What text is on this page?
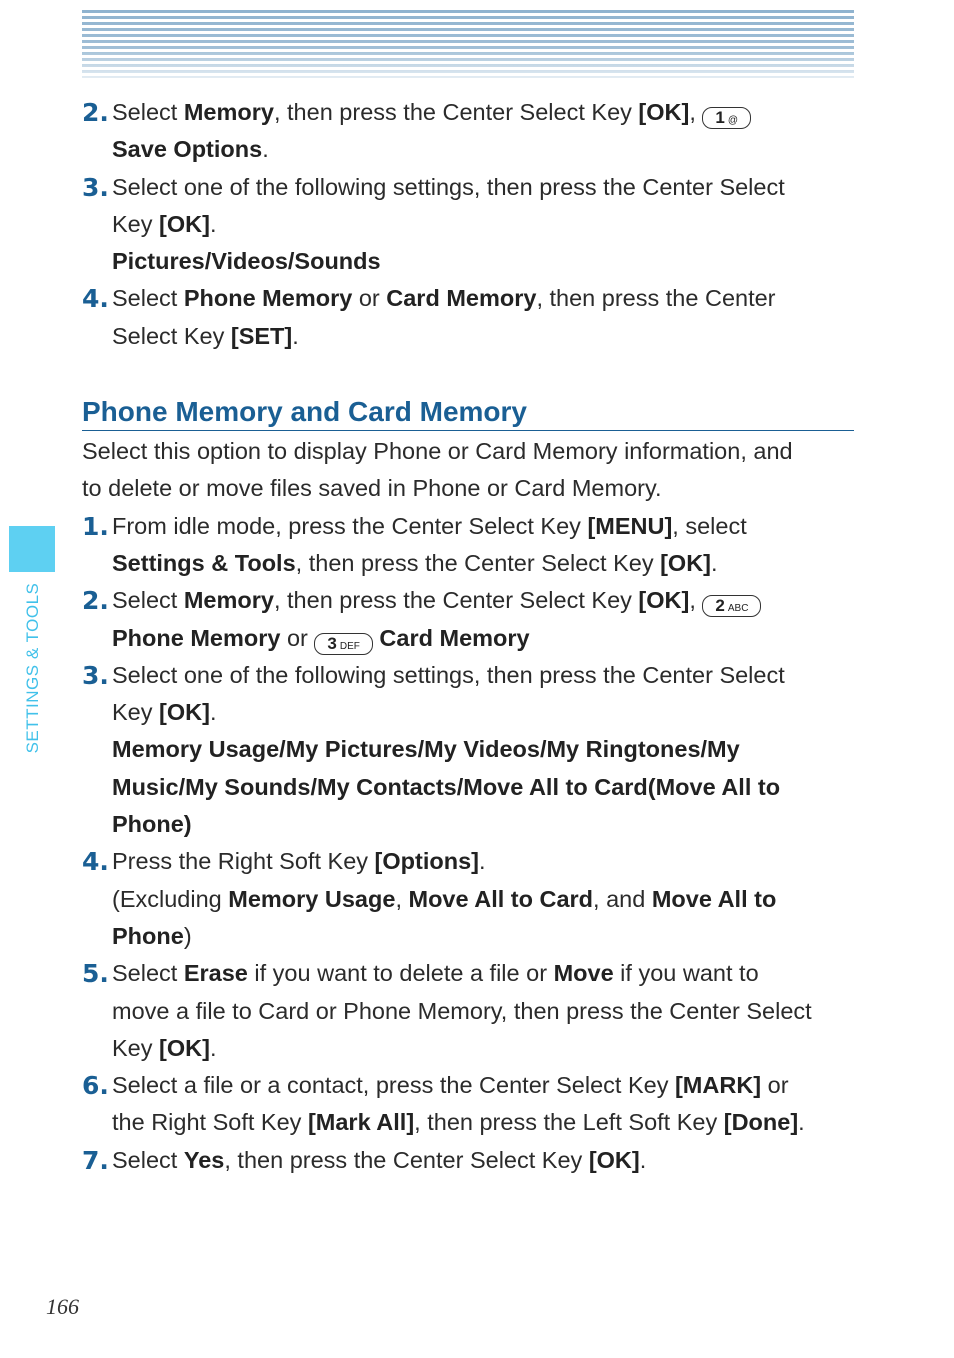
SETTINGS & TOOLS
2. Select Memory, then press the Center Select Key [OK], 1 @
Save Options.
3. Select one of the following settings, then press the Center Select
Key [OK].
Pictures/Videos/Sounds
4. Select Phone Memory or Card Memory, then press the Center
Select Key [SET].
Phone Memory and Card Memory
Select this option to display Phone or Card Memory information, and
to delete or move files saved in Phone or Card Memory.
1. From idle mode, press the Center Select Key [MENU], select
Settings & Tools, then press the Center Select Key [OK].
2. Select Memory, then press the Center Select Key [OK], 2 ABC
Phone Memory or 3 DEF Card Memory
3. Select one of the following settings, then press the Center Select
Key [OK].
Memory Usage/My Pictures/My Videos/My Ringtones/My
Music/My Sounds/My Contacts/Move All to Card(Move All to
Phone)
4. Press the Right Soft Key [Options].
(Excluding Memory Usage, Move All to Card, and Move All to
Phone)
5. Select Erase if you want to delete a file or Move if you want to
move a file to Card or Phone Memory, then press the Center Select
Key [OK].
6. Select a file or a contact, press the Center Select Key [MARK] or
the Right Soft Key [Mark All], then press the Left Soft Key [Done].
7. Select Yes, then press the Center Select Key [OK].
166
